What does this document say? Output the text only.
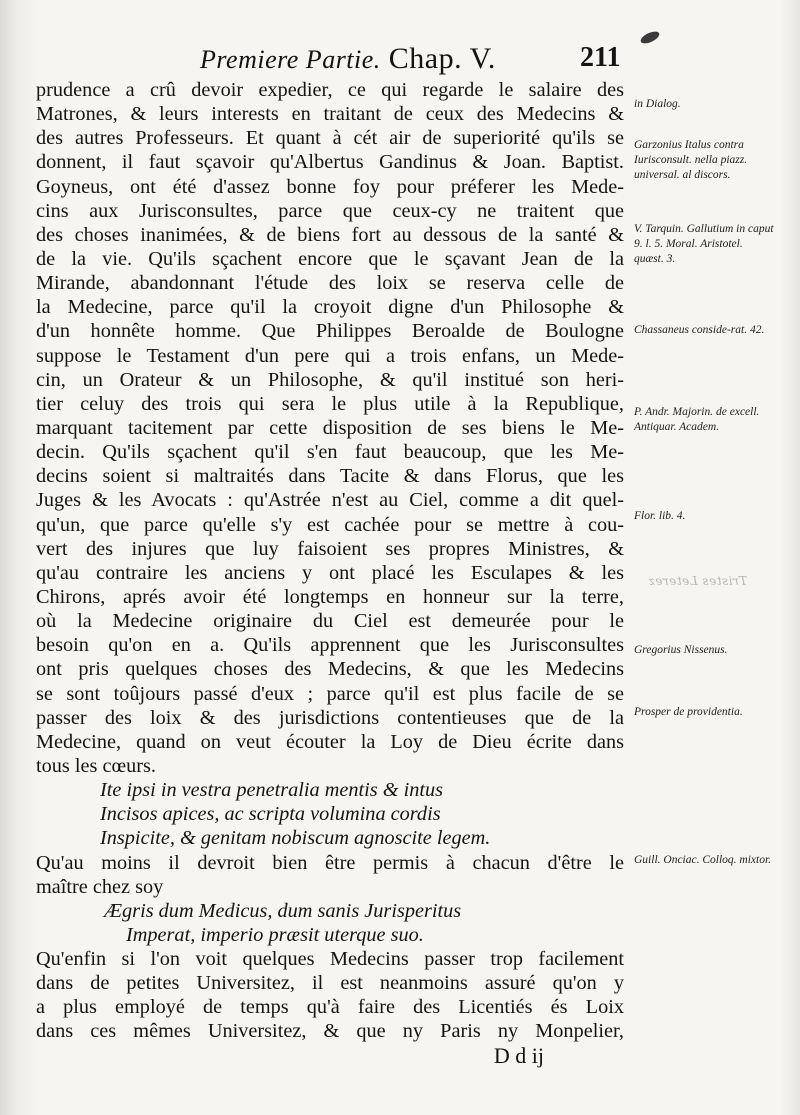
Premiere Partie. Chap. V.	211
prudence a crû devoir expedier, ce qui regarde le salaire des
Matrones, & leurs interests en traitant de ceux des Medecins &
des autres Professeurs. Et quant à cét air de superiorité qu'ils se
donnent, il faut sçavoir qu'Albertus Gandinus & Joan. Baptist.
Goyneus, ont été d'assez bonne foy pour préferer les Mede-
cins aux Jurisconsultes, parce que ceux-cy ne traitent que
des choses inanimées, & de biens fort au dessous de la santé &
de la vie. Qu'ils sçachent encore que le sçavant Jean de la
Mirande, abandonnant l'étude des loix se reserva celle de
la Medecine, parce qu'il la croyoit digne d'un Philosophe &
d'un honnête homme. Que Philippes Beroalde de Boulogne
suppose le Testament d'un pere qui a trois enfans, un Mede-
cin, un Orateur & un Philosophe, & qu'il institué son heri-
tier celuy des trois qui sera le plus utile à la Republique,
marquant tacitement par cette disposition de ses biens le Me-
decin. Qu'ils sçachent qu'il s'en faut beaucoup, que les Me-
decins soient si maltraités dans Tacite & dans Florus, que les
Juges & les Avocats : qu'Astrée n'est au Ciel, comme a dit quel-
qu'un, que parce qu'elle s'y est cachée pour se mettre à cou-
vert des injures que luy faisoient ses propres Ministres, &
qu'au contraire les anciens y ont placé les Esculapes & les
Chirons, aprés avoir été longtemps en honneur sur la terre,
où la Medecine originaire du Ciel est demeurée pour le
besoin qu'on en a. Qu'ils apprennent que les Jurisconsultes
ont pris quelques choses des Medecins, & que les Medecins
se sont toûjours passé d'eux ; parce qu'il est plus facile de se
passer des loix & des jurisdictions contentieuses que de la
Medecine, quand on veut écouter la Loy de Dieu écrite dans
tous les cœurs.
Ite ipsi in vestra penetralia mentis & intus
Incisos apices, ac scripta volumina cordis
Inspicite, & genitam nobiscum agnoscite legem.
Qu'au moins il devroit bien être permis à chacun d'être le
maître chez soy
Ægris dum Medicus, dum sanis Jurisperitus
Imperat, imperio præsit uterque suo.
Qu'enfin si l'on voit quelques Medecins passer trop facilement
dans de petites Universitez, il est neanmoins assuré qu'on y
a plus employé de temps qu'à faire des Licentiés és Loix
dans ces mêmes Universitez, & que ny Paris ny Monpelier,
D d ij
in Dialog.
Garzonius Italus contra Iurisconsult. nella piazz. universal. al discors.
V. Tarquin. Gallutium in caput 9. l. 5. Moral. Aristotel. quæst. 3.
Chassaneus conside-rat. 42.
P. Andr. Majorin. de excell. Antiquar. Academ.
Flor. lib. 4.
Gregorius Nissenus.
Prosper de providentia.
Guill. Onciac. Colloq. mixtor.
Tristes Leterez
